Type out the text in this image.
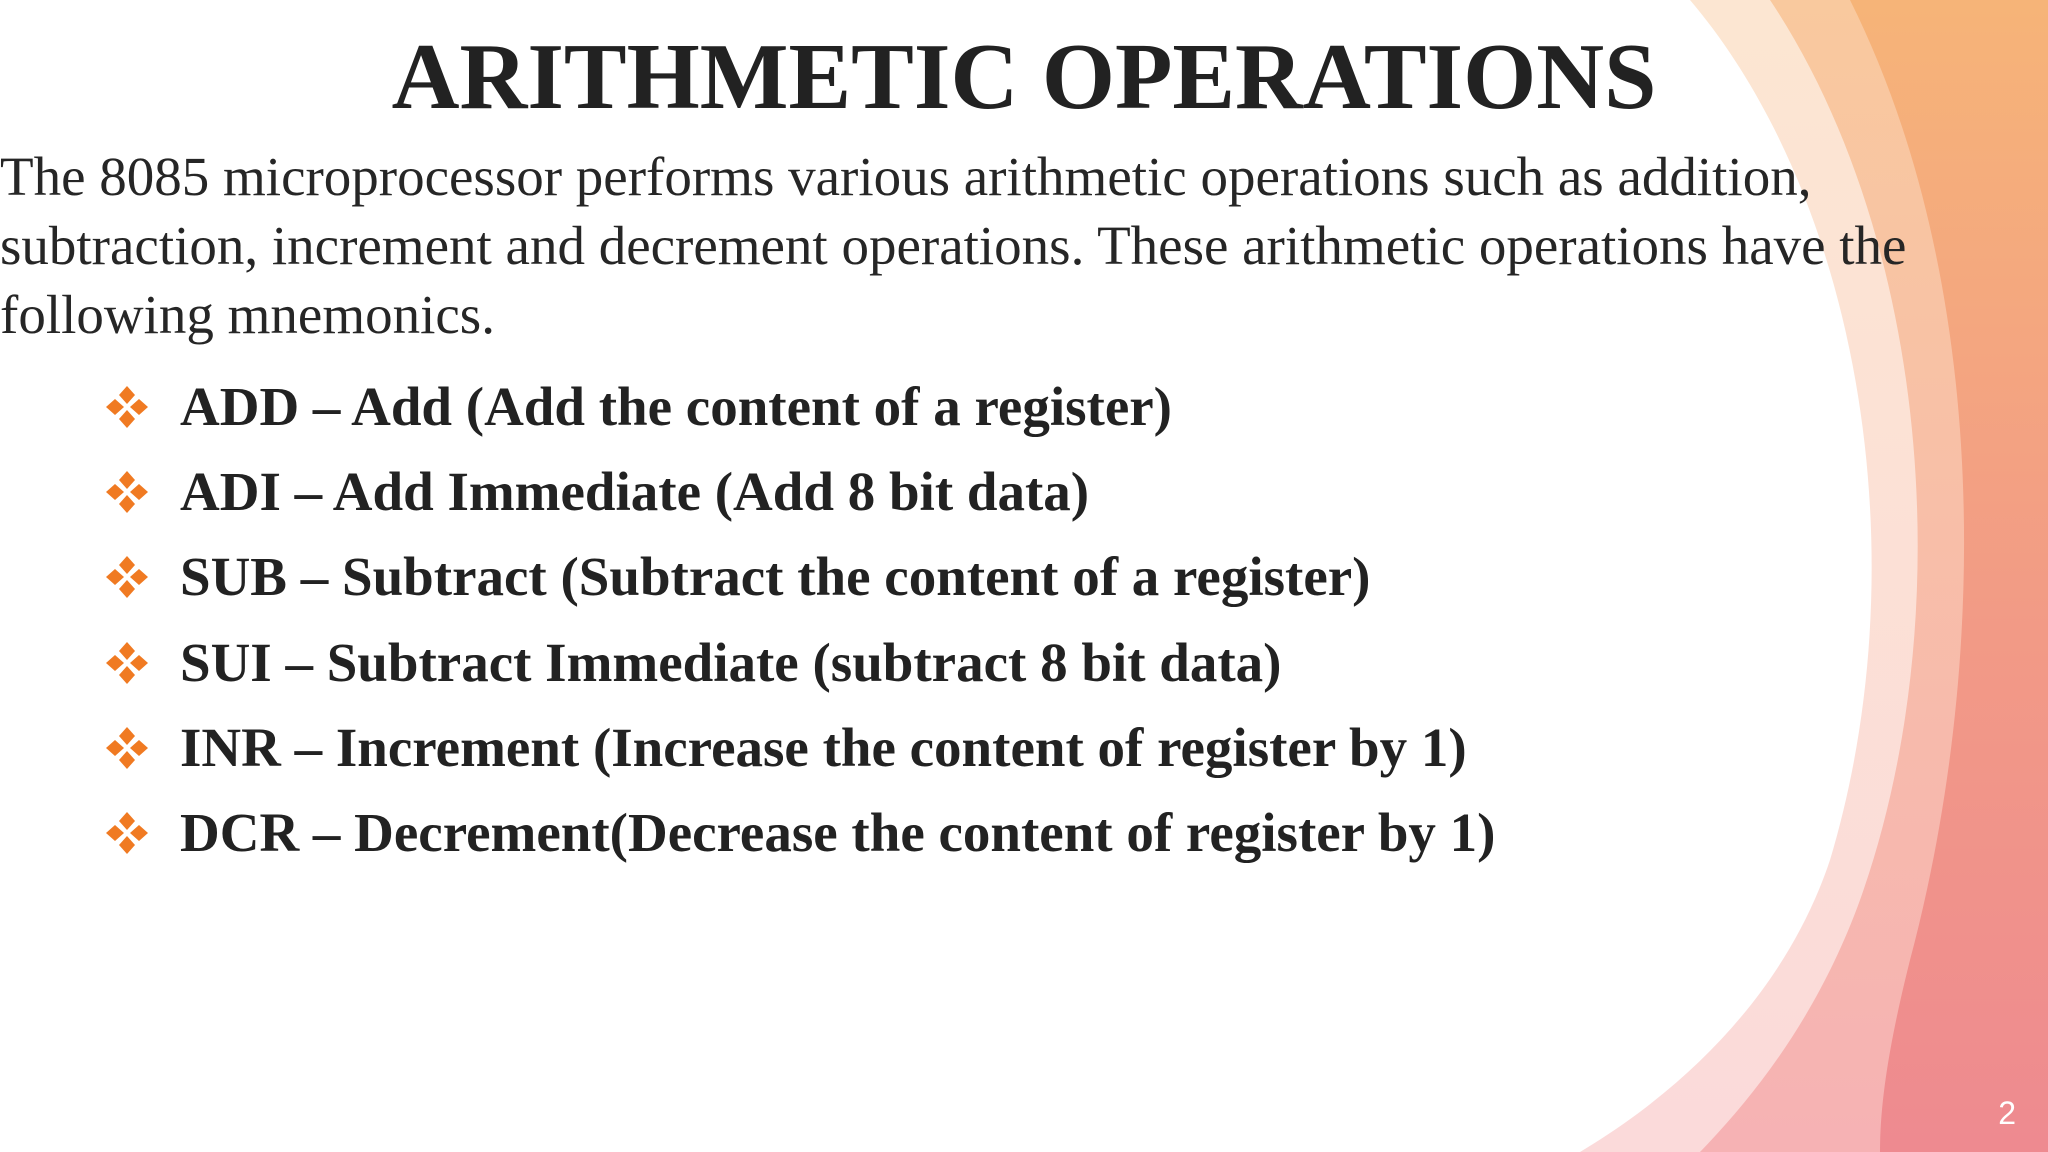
ARITHMETIC OPERATIONS

The 8085 microprocessor performs various arithmetic operations such as addition, subtraction, increment and decrement operations. These arithmetic operations have the following mnemonics.

ADD – Add (Add the content of a register)
ADI – Add Immediate (Add 8 bit data)
SUB – Subtract (Subtract the content of a register)
SUI – Subtract Immediate (subtract 8 bit data)
INR – Increment (Increase the content of register by 1)
DCR – Decrement(Decrease the content of register by 1)
2
